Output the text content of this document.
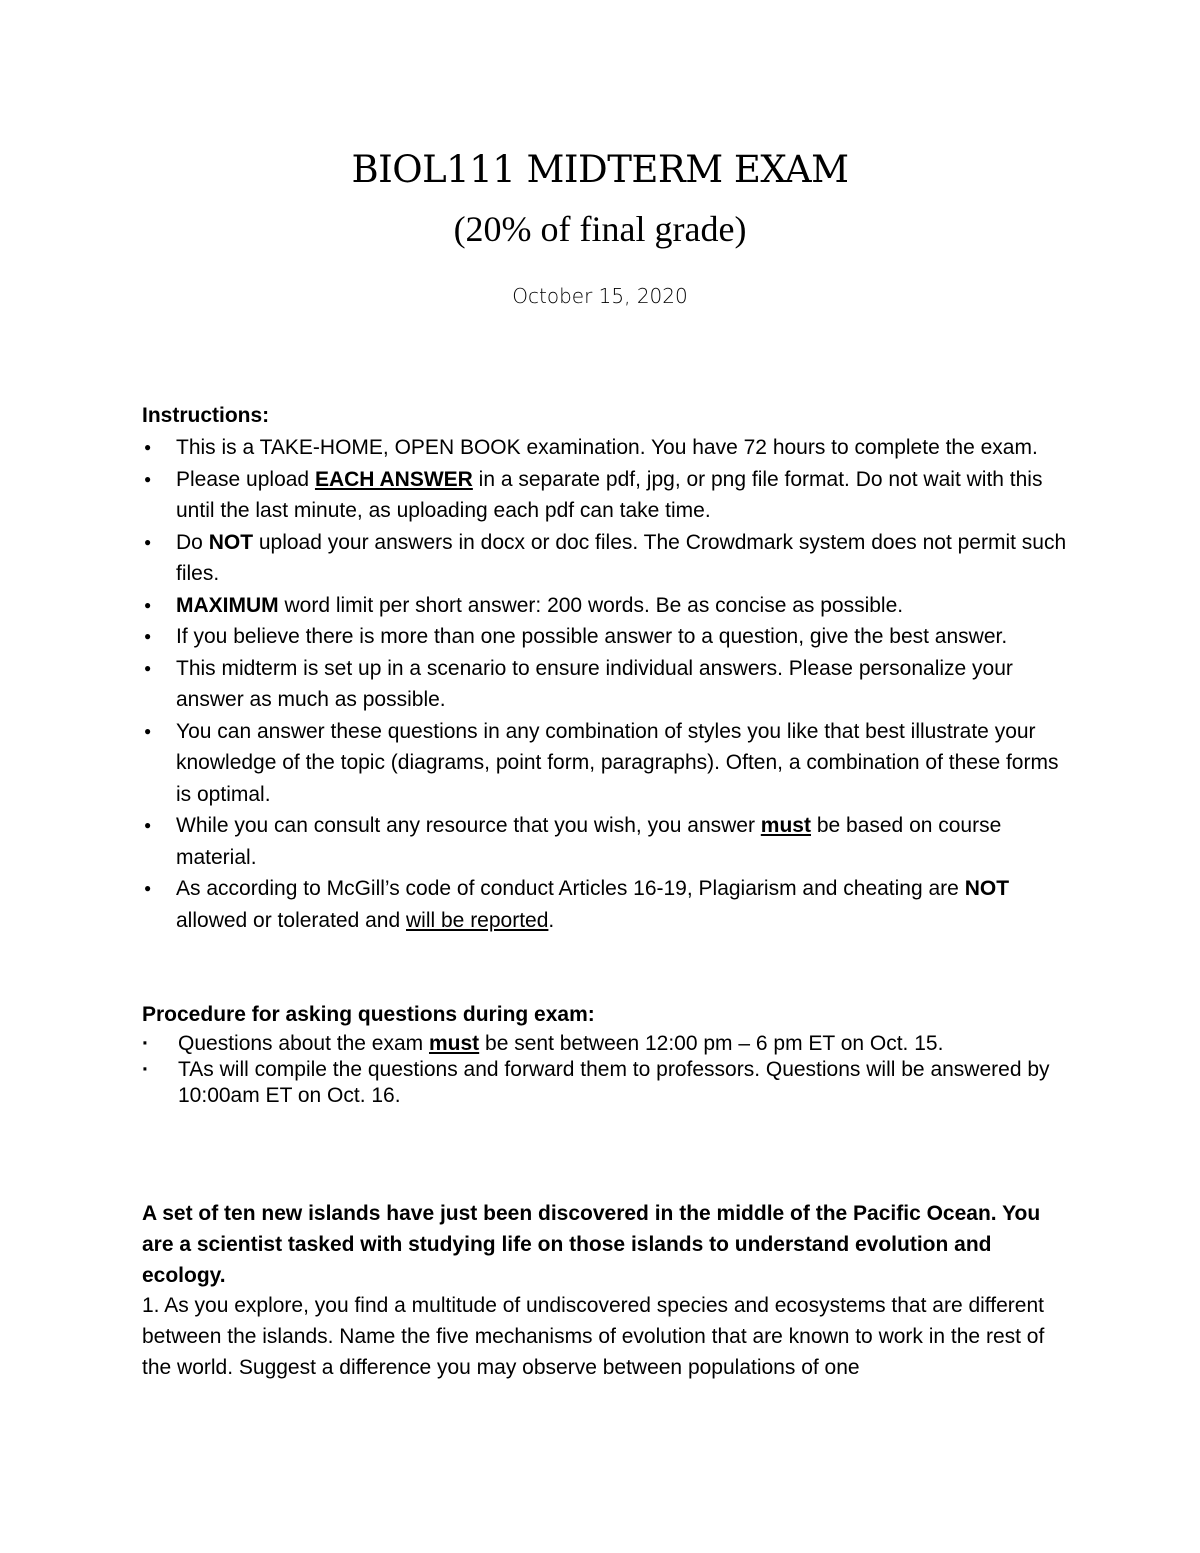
BIOL111 MIDTERM EXAM
(20% of final grade)
October 15, 2020
Instructions:
● This is a TAKE-HOME, OPEN BOOK examination. You have 72 hours to complete the exam.
● Please upload EACH ANSWER in a separate pdf, jpg, or png file format. Do not wait with this until the last minute, as uploading each pdf can take time.
● Do NOT upload your answers in docx or doc files. The Crowdmark system does not permit such files.
● MAXIMUM word limit per short answer: 200 words. Be as concise as possible.
● If you believe there is more than one possible answer to a question, give the best answer.
● This midterm is set up in a scenario to ensure individual answers. Please personalize your answer as much as possible.
● You can answer these questions in any combination of styles you like that best illustrate your knowledge of the topic (diagrams, point form, paragraphs). Often, a combination of these forms is optimal.
● While you can consult any resource that you wish, you answer must be based on course material.
● As according to McGill’s code of conduct Articles 16-19, Plagiarism and cheating are NOT allowed or tolerated and will be reported.
Procedure for asking questions during exam:
· Questions about the exam must be sent between 12:00 pm – 6 pm ET on Oct. 15.
· TAs will compile the questions and forward them to professors. Questions will be answered by 10:00am ET on Oct. 16.
A set of ten new islands have just been discovered in the middle of the Pacific Ocean. You are a scientist tasked with studying life on those islands to understand evolution and ecology.
1. As you explore, you find a multitude of undiscovered species and ecosystems that are different between the islands. Name the five mechanisms of evolution that are known to work in the rest of the world. Suggest a difference you may observe between populations of one
